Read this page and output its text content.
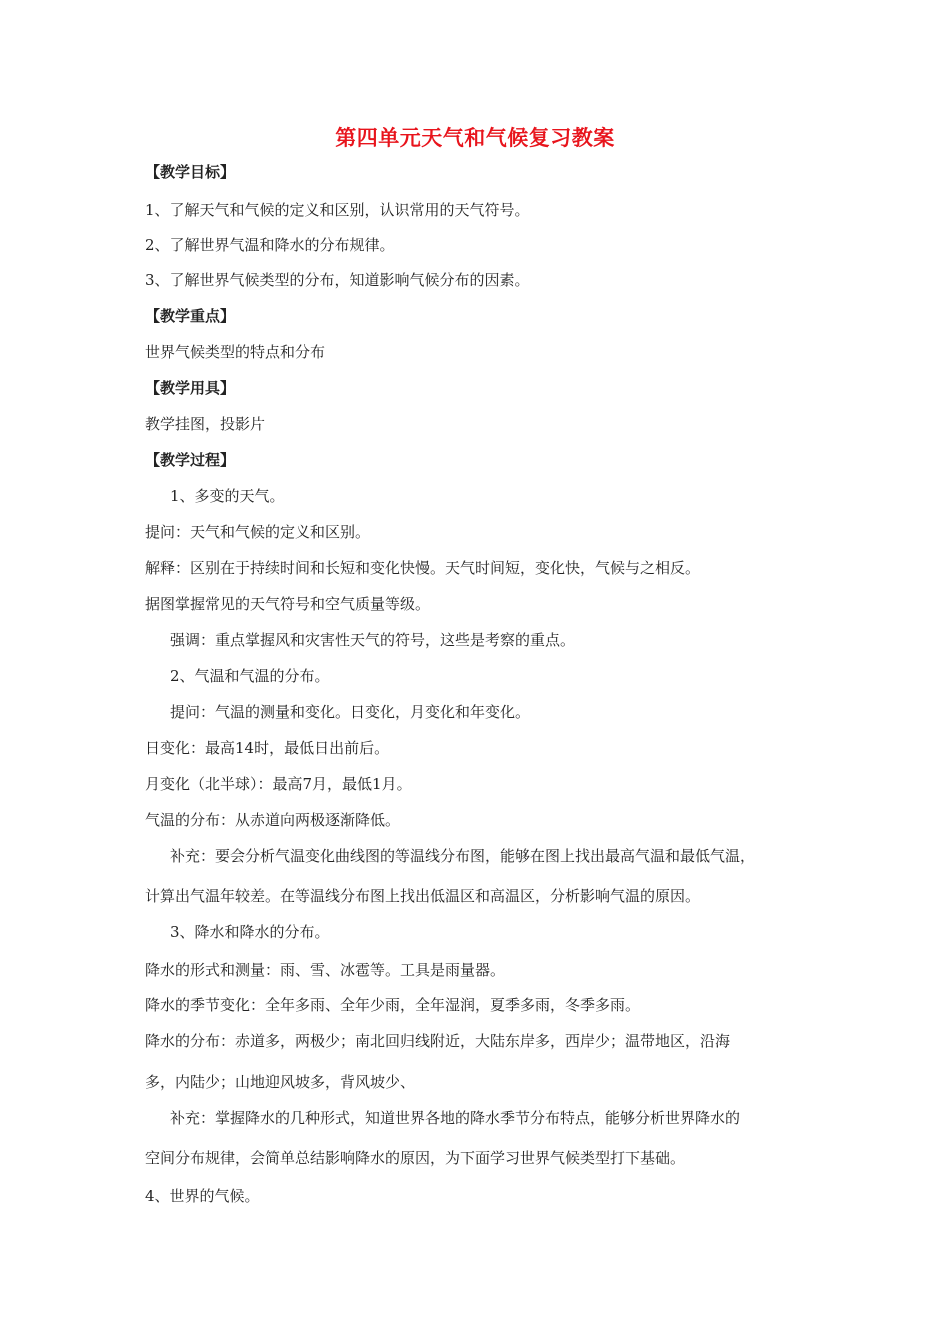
第四单元天气和气候复习教案
【教学目标】
1、了解天气和气候的定义和区别，认识常用的天气符号。
2、了解世界气温和降水的分布规律。
3、了解世界气候类型的分布，知道影响气候分布的因素。
【教学重点】
世界气候类型的特点和分布
【教学用具】
教学挂图，投影片
【教学过程】
1、多变的天气。
提问：天气和气候的定义和区别。
解释：区别在于持续时间和长短和变化快慢。天气时间短，变化快，气候与之相反。
据图掌握常见的天气符号和空气质量等级。
强调：重点掌握风和灾害性天气的符号，这些是考察的重点。
2、气温和气温的分布。
提问：气温的测量和变化。日变化，月变化和年变化。
日变化：最高14时，最低日出前后。
月变化（北半球）：最高7月，最低1月。
气温的分布：从赤道向两极逐渐降低。
补充：要会分析气温变化曲线图的等温线分布图，能够在图上找出最高气温和最低气温，
计算出气温年较差。在等温线分布图上找出低温区和高温区，分析影响气温的原因。
3、降水和降水的分布。
降水的形式和测量：雨、雪、冰雹等。工具是雨量器。
降水的季节变化：全年多雨、全年少雨，全年湿润，夏季多雨，冬季多雨。
降水的分布：赤道多，两极少；南北回归线附近，大陆东岸多，西岸少；温带地区，沿海
多，内陆少；山地迎风坡多，背风坡少、
补充：掌握降水的几种形式，知道世界各地的降水季节分布特点，能够分析世界降水的
空间分布规律，会简单总结影响降水的原因，为下面学习世界气候类型打下基础。
4、世界的气候。
